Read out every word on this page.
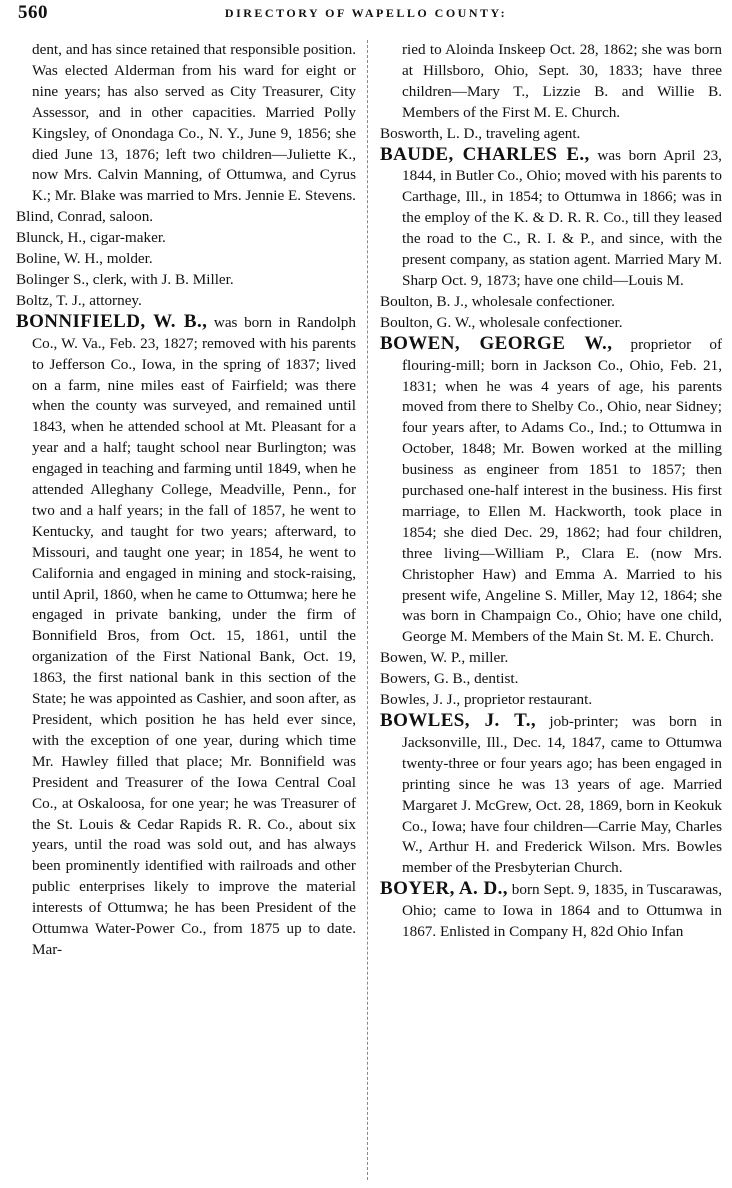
560	DIRECTORY OF WAPELLO COUNTY:

dent, and has since retained that responsible position. Was elected Alderman from his ward for eight or nine years; has also served as City Treasurer, City Assessor, and in other capacities. Married Polly Kingsley, of Onondaga Co., N. Y., June 9, 1856; she died June 13, 1876; left two children—Juliette K., now Mrs. Calvin Manning, of Ottumwa, and Cyrus K.; Mr. Blake was married to Mrs. Jennie E. Stevens.

Blind, Conrad, saloon.

Blunck, H., cigar-maker.

Boline, W. H., molder.

Bolinger S., clerk, with J. B. Miller.

Boltz, T. J., attorney.

BONNIFIELD, W. B., was born in Randolph Co., W. Va., Feb. 23, 1827; removed with his parents to Jefferson Co., Iowa, in the spring of 1837; lived on a farm, nine miles east of Fairfield; was there when the county was surveyed, and remained until 1843, when he attended school at Mt. Pleasant for a year and a half; taught school near Burlington; was engaged in teaching and farming until 1849, when he attended Alleghany College, Meadville, Penn., for two and a half years; in the fall of 1857, he went to Kentucky, and taught for two years; afterward, to Missouri, and taught one year; in 1854, he went to California and engaged in mining and stock-raising, until April, 1860, when he came to Ottumwa; here he engaged in private banking, under the firm of Bonnifield Bros, from Oct. 15, 1861, until the organization of the First National Bank, Oct. 19, 1863, the first national bank in this section of the State; he was appointed as Cashier, and soon after, as President, which position he has held ever since, with the exception of one year, during which time Mr. Hawley filled that place; Mr. Bonnifield was President and Treasurer of the Iowa Central Coal Co., at Oskaloosa, for one year; he was Treasurer of the St. Louis & Cedar Rapids R. R. Co., about six years, until the road was sold out, and has always been prominently identified with railroads and other public enterprises likely to improve the material interests of Ottumwa; he has been President of the Ottumwa Water-Power Co., from 1875 up to date. Mar-

ried to Aloinda Inskeep Oct. 28, 1862; she was born at Hillsboro, Ohio, Sept. 30, 1833; have three children—Mary T., Lizzie B. and Willie B. Members of the First M. E. Church.

Bosworth, L. D., traveling agent.

BAUDE, CHARLES E., was born April 23, 1844, in Butler Co., Ohio; moved with his parents to Carthage, Ill., in 1854; to Ottumwa in 1866; was in the employ of the K. & D. R. R. Co., till they leased the road to the C., R. I. & P., and since, with the present company, as station agent. Married Mary M. Sharp Oct. 9, 1873; have one child—Louis M.

Boulton, B. J., wholesale confectioner.

Boulton, G. W., wholesale confectioner.

BOWEN, GEORGE W., proprietor of flouring-mill; born in Jackson Co., Ohio, Feb. 21, 1831; when he was 4 years of age, his parents moved from there to Shelby Co., Ohio, near Sidney; four years after, to Adams Co., Ind.; to Ottumwa in October, 1848; Mr. Bowen worked at the milling business as engineer from 1851 to 1857; then purchased one-half interest in the business. His first marriage, to Ellen M. Hackworth, took place in 1854; she died Dec. 29, 1862; had four children, three living—William P., Clara E. (now Mrs. Christopher Haw) and Emma A. Married to his present wife, Angeline S. Miller, May 12, 1864; she was born in Champaign Co., Ohio; have one child, George M. Members of the Main St. M. E. Church.

Bowen, W. P., miller.

Bowers, G. B., dentist.

Bowles, J. J., proprietor restaurant.

BOWLES, J. T., job-printer; was born in Jacksonville, Ill., Dec. 14, 1847, came to Ottumwa twenty-three or four years ago; has been engaged in printing since he was 13 years of age. Married Margaret J. McGrew, Oct. 28, 1869, born in Keokuk Co., Iowa; have four children—Carrie May, Charles W., Arthur H. and Frederick Wilson. Mrs. Bowles member of the Presbyterian Church.

BOYER, A. D., born Sept. 9, 1835, in Tuscarawas, Ohio; came to Iowa in 1864 and to Ottumwa in 1867. Enlisted in Company H, 82d Ohio Infan
